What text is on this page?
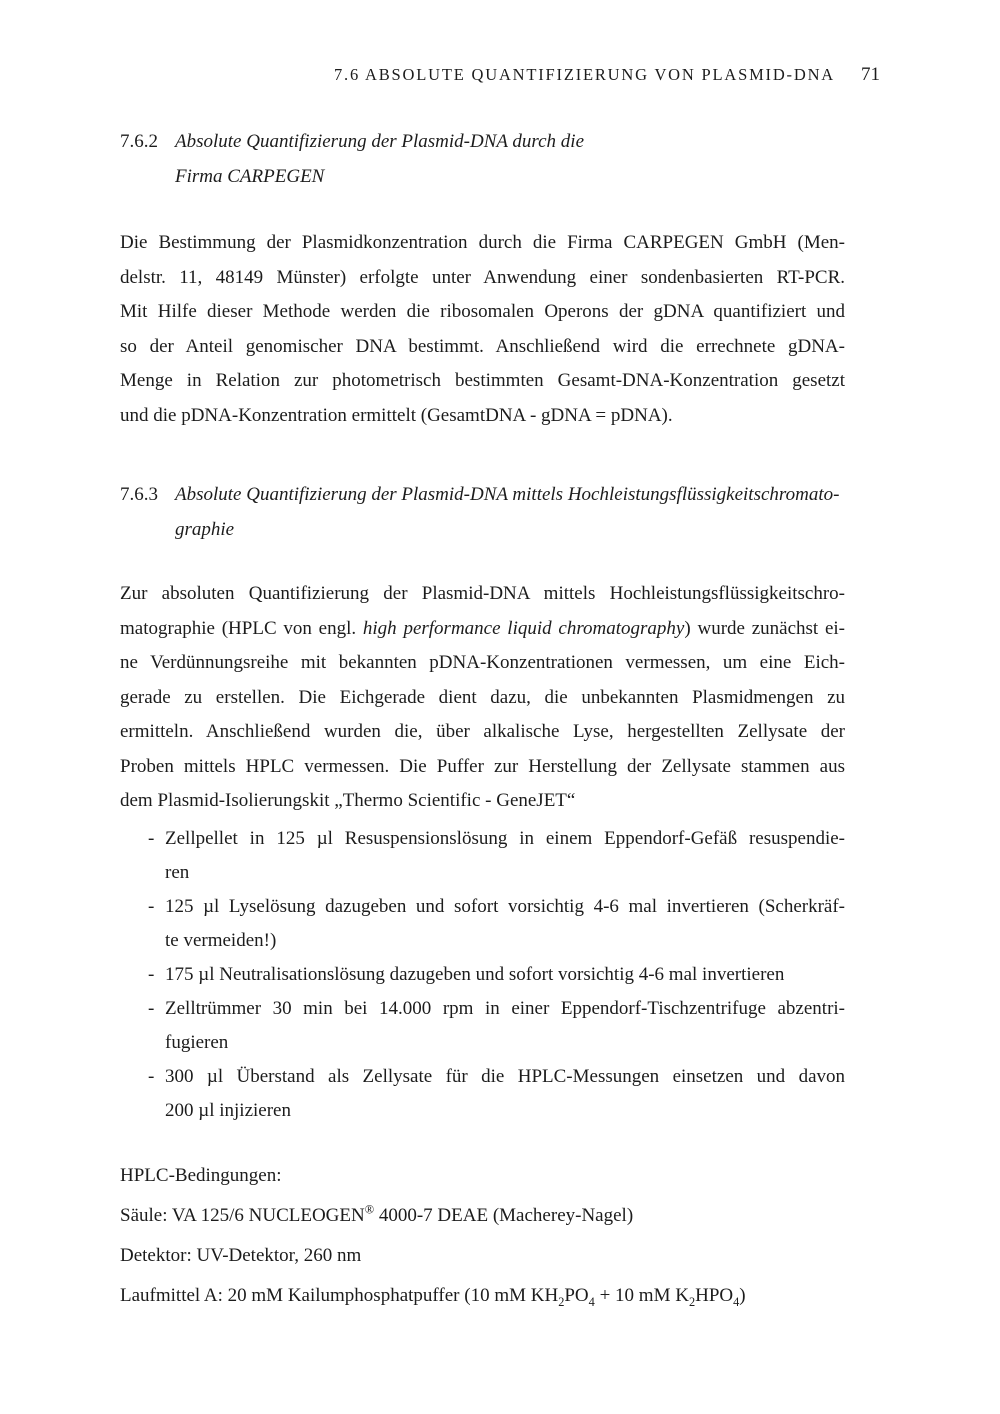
7.6 ABSOLUTE QUANTIFIZIERUNG VON PLASMID-DNA 71
7.6.2 Absolute Quantifizierung der Plasmid-DNA durch die
Firma CARPEGEN
Die Bestimmung der Plasmidkonzentration durch die Firma CARPEGEN GmbH (Men-
delstr. 11, 48149 Münster) erfolgte unter Anwendung einer sondenbasierten RT-PCR.
Mit Hilfe dieser Methode werden die ribosomalen Operons der gDNA quantifiziert und
so der Anteil genomischer DNA bestimmt. Anschließend wird die errechnete gDNA-
Menge in Relation zur photometrisch bestimmten Gesamt-DNA-Konzentration gesetzt
und die pDNA-Konzentration ermittelt (GesamtDNA - gDNA = pDNA).
7.6.3 Absolute Quantifizierung der Plasmid-DNA mittels Hochleistungsflüssigkeitschromato-
graphie
Zur absoluten Quantifizierung der Plasmid-DNA mittels Hochleistungsflüssigkeitschro-
matographie (HPLC von engl. high performance liquid chromatography) wurde zunächst ei-
ne Verdünnungsreihe mit bekannten pDNA-Konzentrationen vermessen, um eine Eich-
gerade zu erstellen. Die Eichgerade dient dazu, die unbekannten Plasmidmengen zu
ermitteln. Anschließend wurden die, über alkalische Lyse, hergestellten Zellysate der
Proben mittels HPLC vermessen. Die Puffer zur Herstellung der Zellysate stammen aus
dem Plasmid-Isolierungskit „Thermo Scientific - GeneJET“
- Zellpellet in 125 µl Resuspensionslösung in einem Eppendorf-Gefäß resuspendie-
ren
- 125 µl Lyselösung dazugeben und sofort vorsichtig 4-6 mal invertieren (Scherkräf-
te vermeiden!)
- 175 µl Neutralisationslösung dazugeben und sofort vorsichtig 4-6 mal invertieren
- Zelltrümmer 30 min bei 14.000 rpm in einer Eppendorf-Tischzentrifuge abzentri-
fugieren
- 300 µl Überstand als Zellysate für die HPLC-Messungen einsetzen und davon
200 µl injizieren
HPLC-Bedingungen:
Säule: VA 125/6 NUCLEOGEN® 4000-7 DEAE (Macherey-Nagel)
Detektor: UV-Detektor, 260 nm
Laufmittel A: 20 mM Kailumphosphatpuffer (10 mM $KH_2PO_4 + 10$ mM $K_2HPO_4$)
